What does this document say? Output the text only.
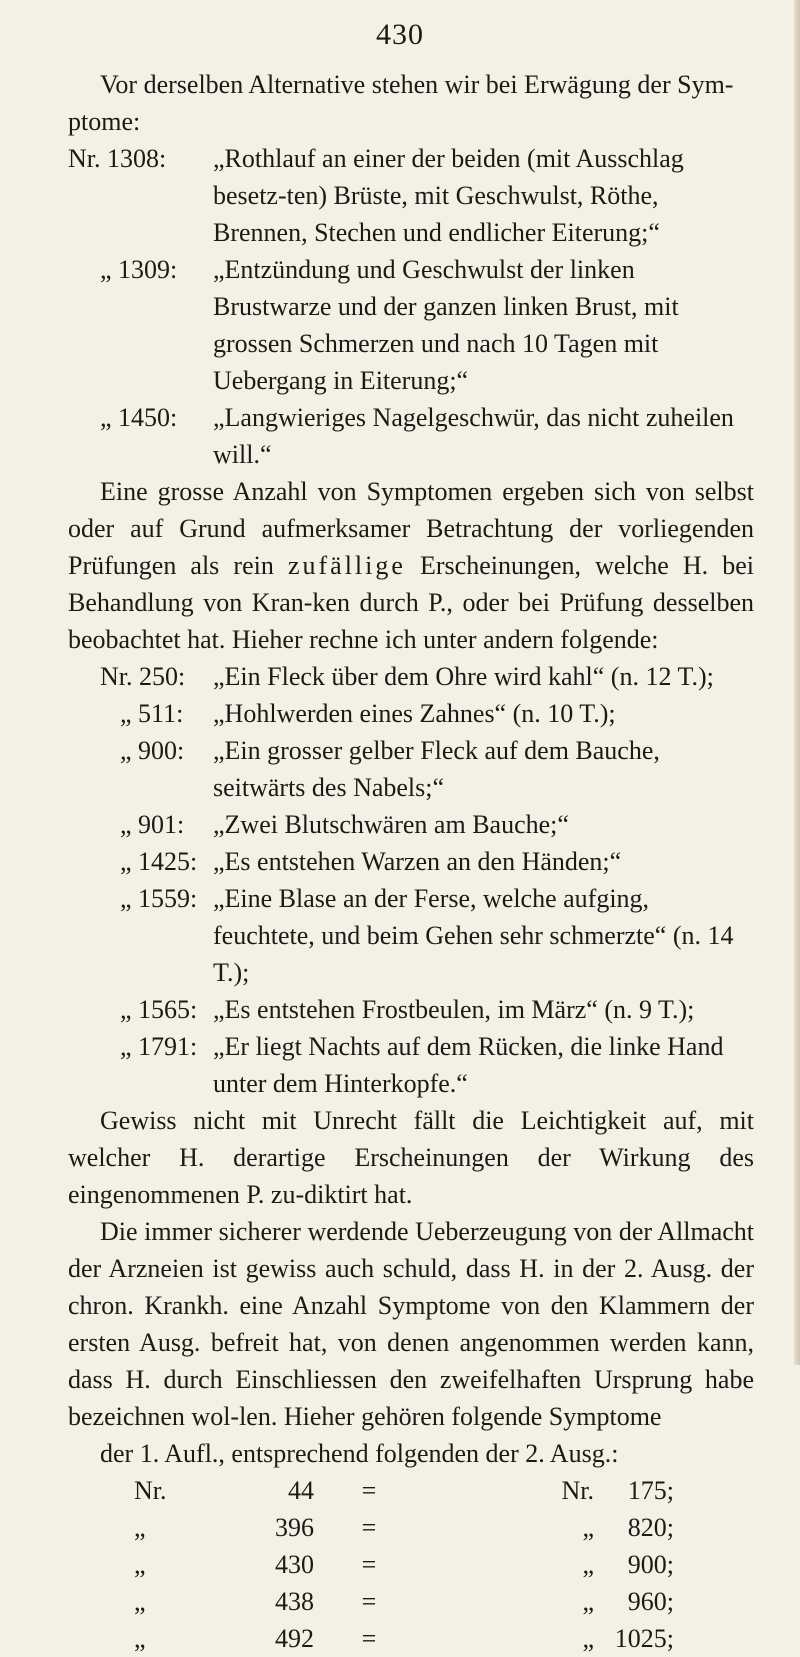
430
Vor derselben Alternative stehen wir bei Erwägung der Sym-
ptome:
Nr. 1308:	„Rothlauf an einer der beiden (mit Ausschlag besetz-ten) Brüste, mit Geschwulst, Röthe, Brennen, Stechen und endlicher Eiterung;“
„ 1309:	„Entzündung und Geschwulst der linken Brustwarze und der ganzen linken Brust, mit grossen Schmerzen und nach 10 Tagen mit Uebergang in Eiterung;“
„ 1450:	„Langwieriges Nagelgeschwür, das nicht zuheilen will.“

Eine grosse Anzahl von Symptomen ergeben sich von selbst oder auf Grund aufmerksamer Betrachtung der vorliegenden Prüfungen als rein zufällige Erscheinungen, welche H. bei Behandlung von Kran-ken durch P., oder bei Prüfung desselben beobachtet hat. Hieher rechne ich unter andern folgende:

Nr. 250:	„Ein Fleck über dem Ohre wird kahl“ (n. 12 T.);
„ 511:	„Hohlwerden eines Zahnes“ (n. 10 T.);
„ 900:	„Ein grosser gelber Fleck auf dem Bauche, seitwärts des Nabels;“
„ 901:	„Zwei Blutschwären am Bauche;“
„ 1425: „Es entstehen Warzen an den Händen;“
„ 1559: „Eine Blase an der Ferse, welche aufging, feuchtete, und beim Gehen sehr schmerzte“ (n. 14 T.);
„ 1565: „Es entstehen Frostbeulen, im März“ (n. 9 T.);
„ 1791: „Er liegt Nachts auf dem Rücken, die linke Hand unter dem Hinterkopfe.“

Gewiss nicht mit Unrecht fällt die Leichtigkeit auf, mit welcher H. derartige Erscheinungen der Wirkung des eingenommenen P. zu-diktirt hat.

Die immer sicherer werdende Ueberzeugung von der Allmacht der Arzneien ist gewiss auch schuld, dass H. in der 2. Ausg. der chron. Krankh. eine Anzahl Symptome von den Klammern der ersten Ausg. befreit hat, von denen angenommen werden kann, dass H. durch Einschliessen den zweifelhaften Ursprung habe bezeichnen wol-len. Hieher gehören folgende Symptome

der 1. Aufl., entsprechend folgenden der 2. Ausg.:
Nr.	44	=	Nr.	175;
„	396	=	„	820;
„	430	=	„	900;
„	438	=	„	960;
„	492	=	„ 1025;
